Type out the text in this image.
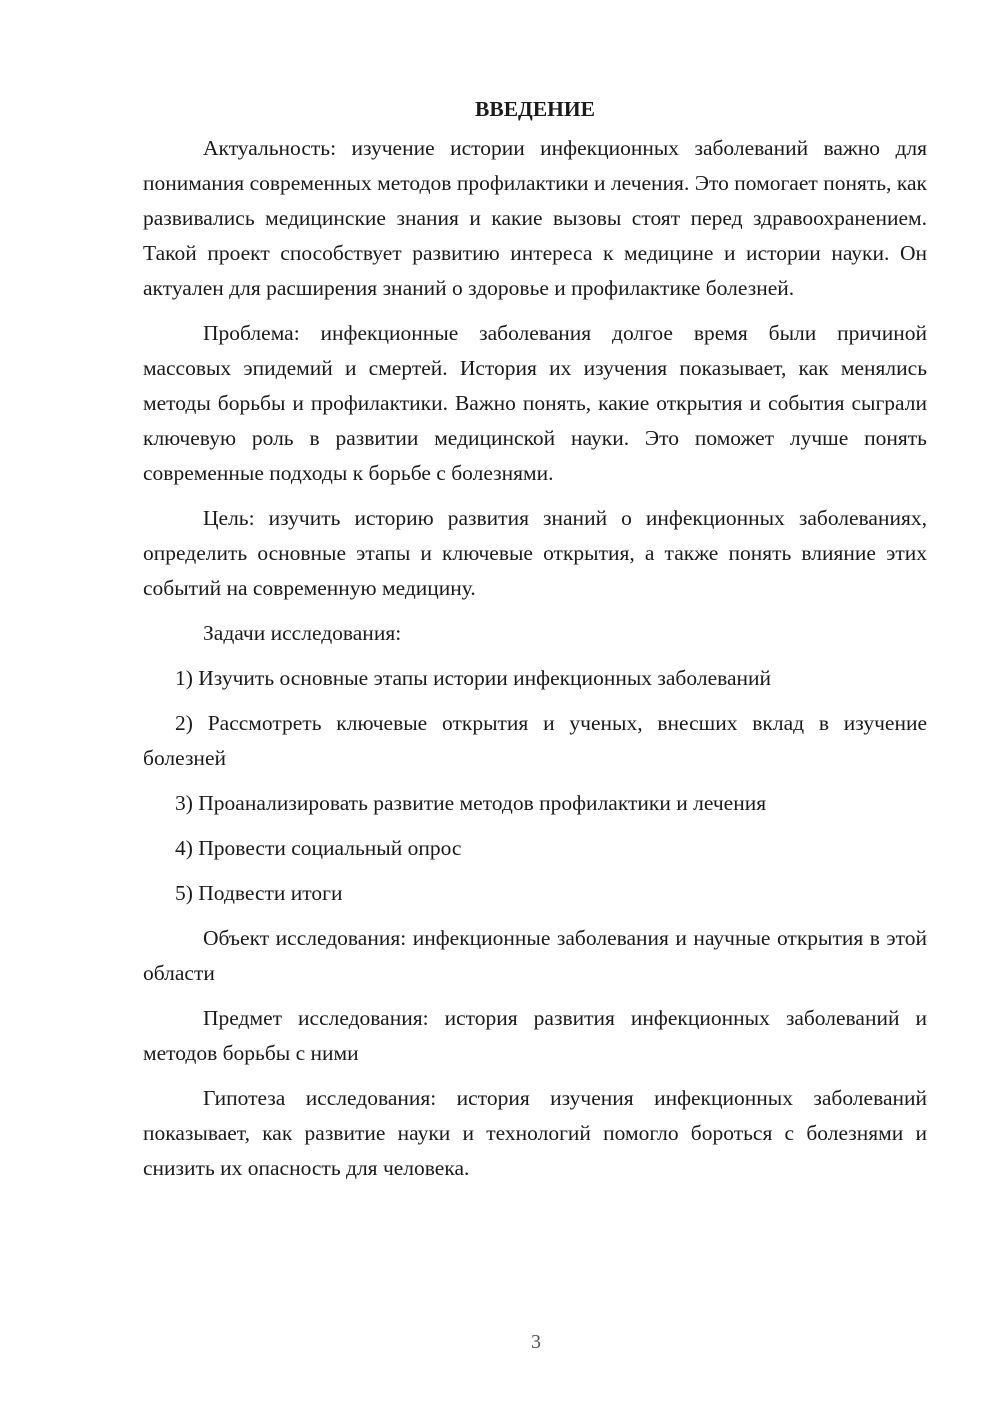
ВВЕДЕНИЕ

Актуальность: изучение истории инфекционных заболеваний важно для понимания современных методов профилактики и лечения. Это помогает понять, как развивались медицинские знания и какие вызовы стоят перед здравоохранением. Такой проект способствует развитию интереса к медицине и истории науки. Он актуален для расширения знаний о здоровье и профилактике болезней.

Проблема: инфекционные заболевания долгое время были причиной массовых эпидемий и смертей. История их изучения показывает, как менялись методы борьбы и профилактики. Важно понять, какие открытия и события сыграли ключевую роль в развитии медицинской науки. Это поможет лучше понять современные подходы к борьбе с болезнями.

Цель: изучить историю развития знаний о инфекционных заболеваниях, определить основные этапы и ключевые открытия, а также понять влияние этих событий на современную медицину.

Задачи исследования:

1) Изучить основные этапы истории инфекционных заболеваний

2) Рассмотреть ключевые открытия и ученых, внесших вклад в изучение болезней

3) Проанализировать развитие методов профилактики и лечения

4) Провести социальный опрос

5) Подвести итоги

Объект исследования: инфекционные заболевания и научные открытия в этой области

Предмет исследования: история развития инфекционных заболеваний и методов борьбы с ними

Гипотеза исследования: история изучения инфекционных заболеваний показывает, как развитие науки и технологий помогло бороться с болезнями и снизить их опасность для человека.

3
